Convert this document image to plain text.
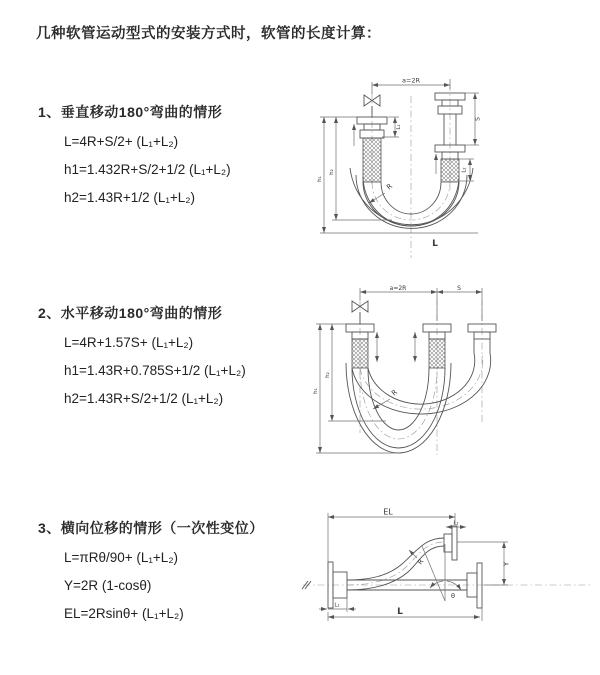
几种软管运动型式的安装方式时，软管的长度计算：
1、垂直移动180°弯曲的情形
L=4R+S/2+ (L₁+L₂)
h1=1.432R+S/2+1/2 (L₁+L₂)
h2=1.43R+1/2 (L₁+L₂)
2、水平移动180°弯曲的情形
L=4R+1.57S+ (L₁+L₂)
h1=1.43R+0.785S+1/2 (L₁+L₂)
h2=1.43R+S/2+1/2 (L₁+L₂)
3、横向位移的情形（一次性变位）
L=πRθ/90+ (L₁+L₂)
Y=2R (1-cosθ)
EL=2Rsinθ+ (L₁+L₂)
a=2R
S
L₂
L₁
h₂
h₁
R
L
a=2R	S
h₁
h₂
R
EL
L₂
Y
L
L₁
R
θ
